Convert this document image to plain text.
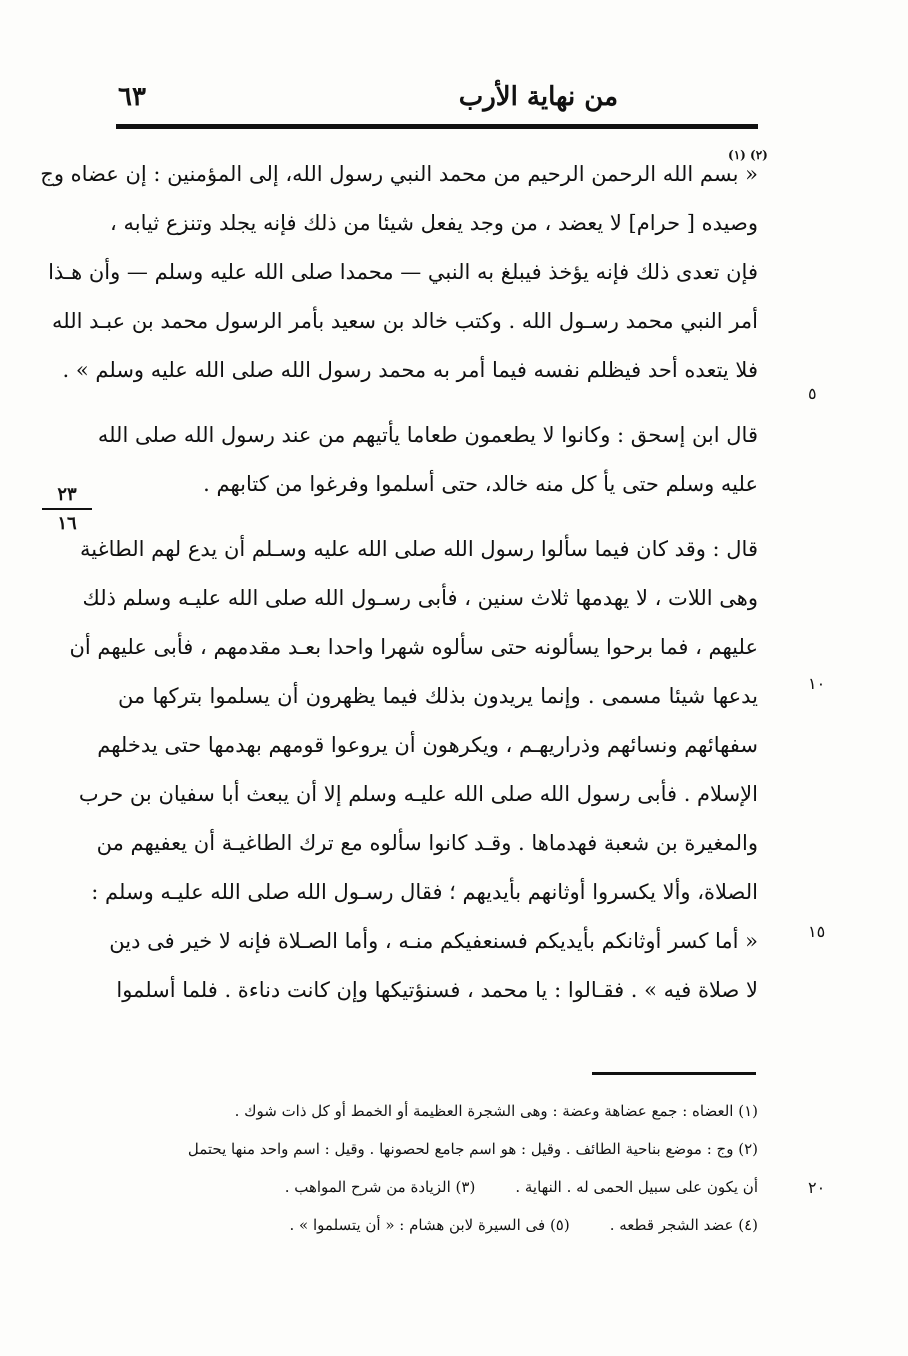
من نهاية الأرب
٦٣
(١) (٢)
« بسم الله الرحمن الرحيم من محمد النبي رسول الله، إلى المؤمنين : إن عضاه وج
وصيده [ حرام] لا يعضد ، من وجد يفعل شيئا من ذلك فإنه يجلد وتنزع ثيابه ،
فإن تعدى ذلك فإنه يؤخذ فيبلغ به النبي — محمدا صلى الله عليه وسلم — وأن هـذا
أمر النبي محمد رسـول الله . وكتب خالد بن سعيد بأمر الرسول محمد بن عبـد الله
فلا يتعده أحد فيظلم نفسه فيما أمر به محمد رسول الله صلى الله عليه وسلم » .
قال ابن إسحق : وكانوا لا يطعمون طعاما يأتيهم من عند رسول الله صلى الله
عليه وسلم حتى يأ كل منه خالد، حتى أسلموا وفرغوا من كتابهم .
قال : وقد كان فيما سألوا رسول الله صلى الله عليه وسـلم أن يدع لهم الطاغية
وهى اللات ، لا يهدمها ثلاث سنين ، فأبى رسـول الله صلى الله عليـه وسلم ذلك
عليهم ، فما برحوا يسألونه حتى سألوه شهرا واحدا بعـد مقدمهم ، فأبى عليهم أن
يدعها شيئا مسمى . وإنما يريدون بذلك فيما يظهرون أن يسلموا بتركها من
سفهائهم ونسائهم وذراريهـم ، ويكرهون أن يروعوا قومهم بهدمها حتى يدخلهم
الإسلام . فأبى رسول الله صلى الله عليـه وسلم إلا أن يبعث أبا سفيان بن حرب
والمغيرة بن شعبة فهدماها . وقـد كانوا سألوه مع ترك الطاغيـة أن يعفيهم من
الصلاة، وألا يكسروا أوثانهم بأيديهم ؛ فقال رسـول الله صلى الله عليـه وسلم :
« أما كسر أوثانكم بأيديكم فسنعفيكم منـه ، وأما الصـلاة فإنه لا خير فى دين
لا صلاة فيه » . فقـالوا : يا محمد ، فسنؤتيكها وإن كانت دناءة . فلما أسلموا
٥
١٠
١٥
٢٠
٢٣
١٦
(١) العضاه : جمع عضاهة وعضة : وهى الشجرة العظيمة أو الخمط أو كل ذات شوك .
(٢) وج : موضع بناحية الطائف . وقيل : هو اسم جامع لحصونها . وقيل : اسم واحد منها يحتمل
أن يكون على سبيل الحمى له . النهاية .(٣) الزيادة من شرح المواهب .
(٤) عضد الشجر قطعه .(٥) فى السيرة لابن هشام : « أن يتسلموا » .
